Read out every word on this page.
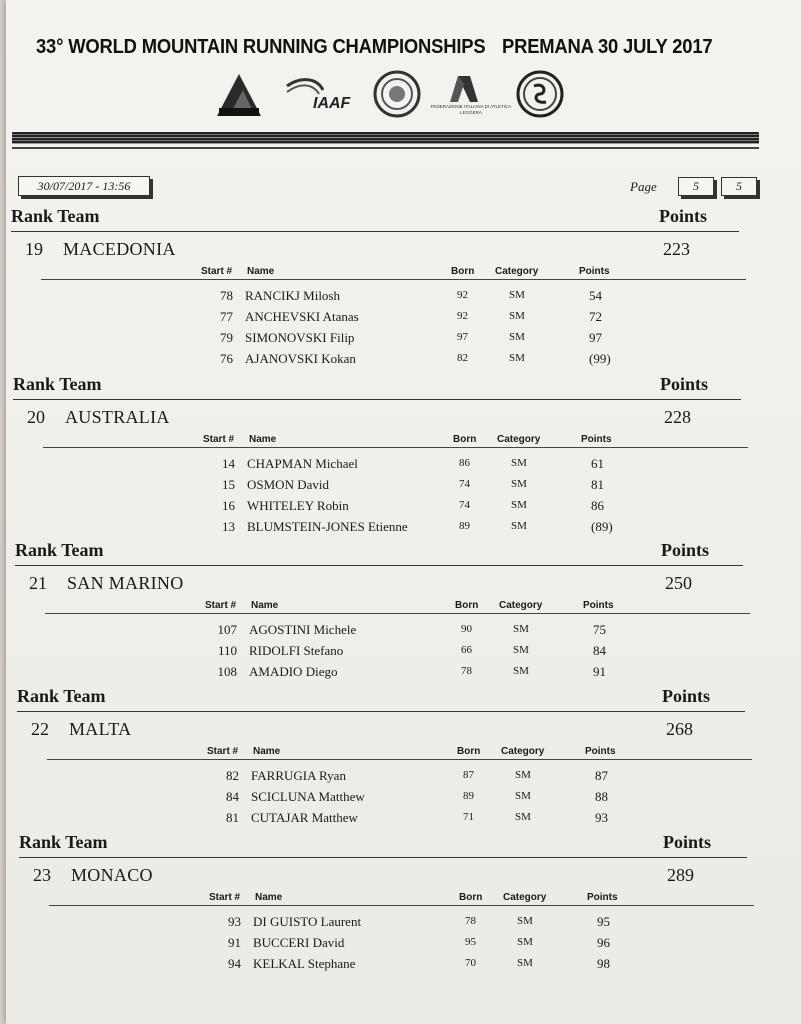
33° WORLD MOUNTAIN RUNNING CHAMPIONSHIPS PREMANA 30 JULY 2017
IAAF	FEDERAZIONE ITALIANA DI ATLETICA LEGGERA
30/07/2017 - 13:56	Page	5	5
Rank Team	Points
19 MACEDONIA	223
Start # Name	Born Category	Points
78 RANCIKJ Milosh	92	SM	54
77 ANCHEVSKI Atanas	92	SM	72
79 SIMONOVSKI Filip	97	SM	97
76 AJANOVSKI Kokan	82	SM	(99)
Rank Team	Points
20 AUSTRALIA	228
Start # Name	Born Category	Points
14 CHAPMAN Michael	86	SM	61
15 OSMON David	74	SM	81
16 WHITELEY Robin	74	SM	86
13 BLUMSTEIN-JONES Etienne	89	SM	(89)
Rank Team	Points
21 SAN MARINO	250
Start # Name	Born Category	Points
107 AGOSTINI Michele	90	SM	75
110 RIDOLFI Stefano	66	SM	84
108 AMADIO Diego	78	SM	91
Rank Team	Points
22 MALTA	268
Start # Name	Born Category	Points
82 FARRUGIA Ryan	87	SM	87
84 SCICLUNA Matthew	89	SM	88
81 CUTAJAR Matthew	71	SM	93
Rank Team	Points
23 MONACO	289
Start # Name	Born Category	Points
93 DI GUISTO Laurent	78	SM	95
91 BUCCERI David	95	SM	96
94 KELKAL Stephane	70	SM	98
